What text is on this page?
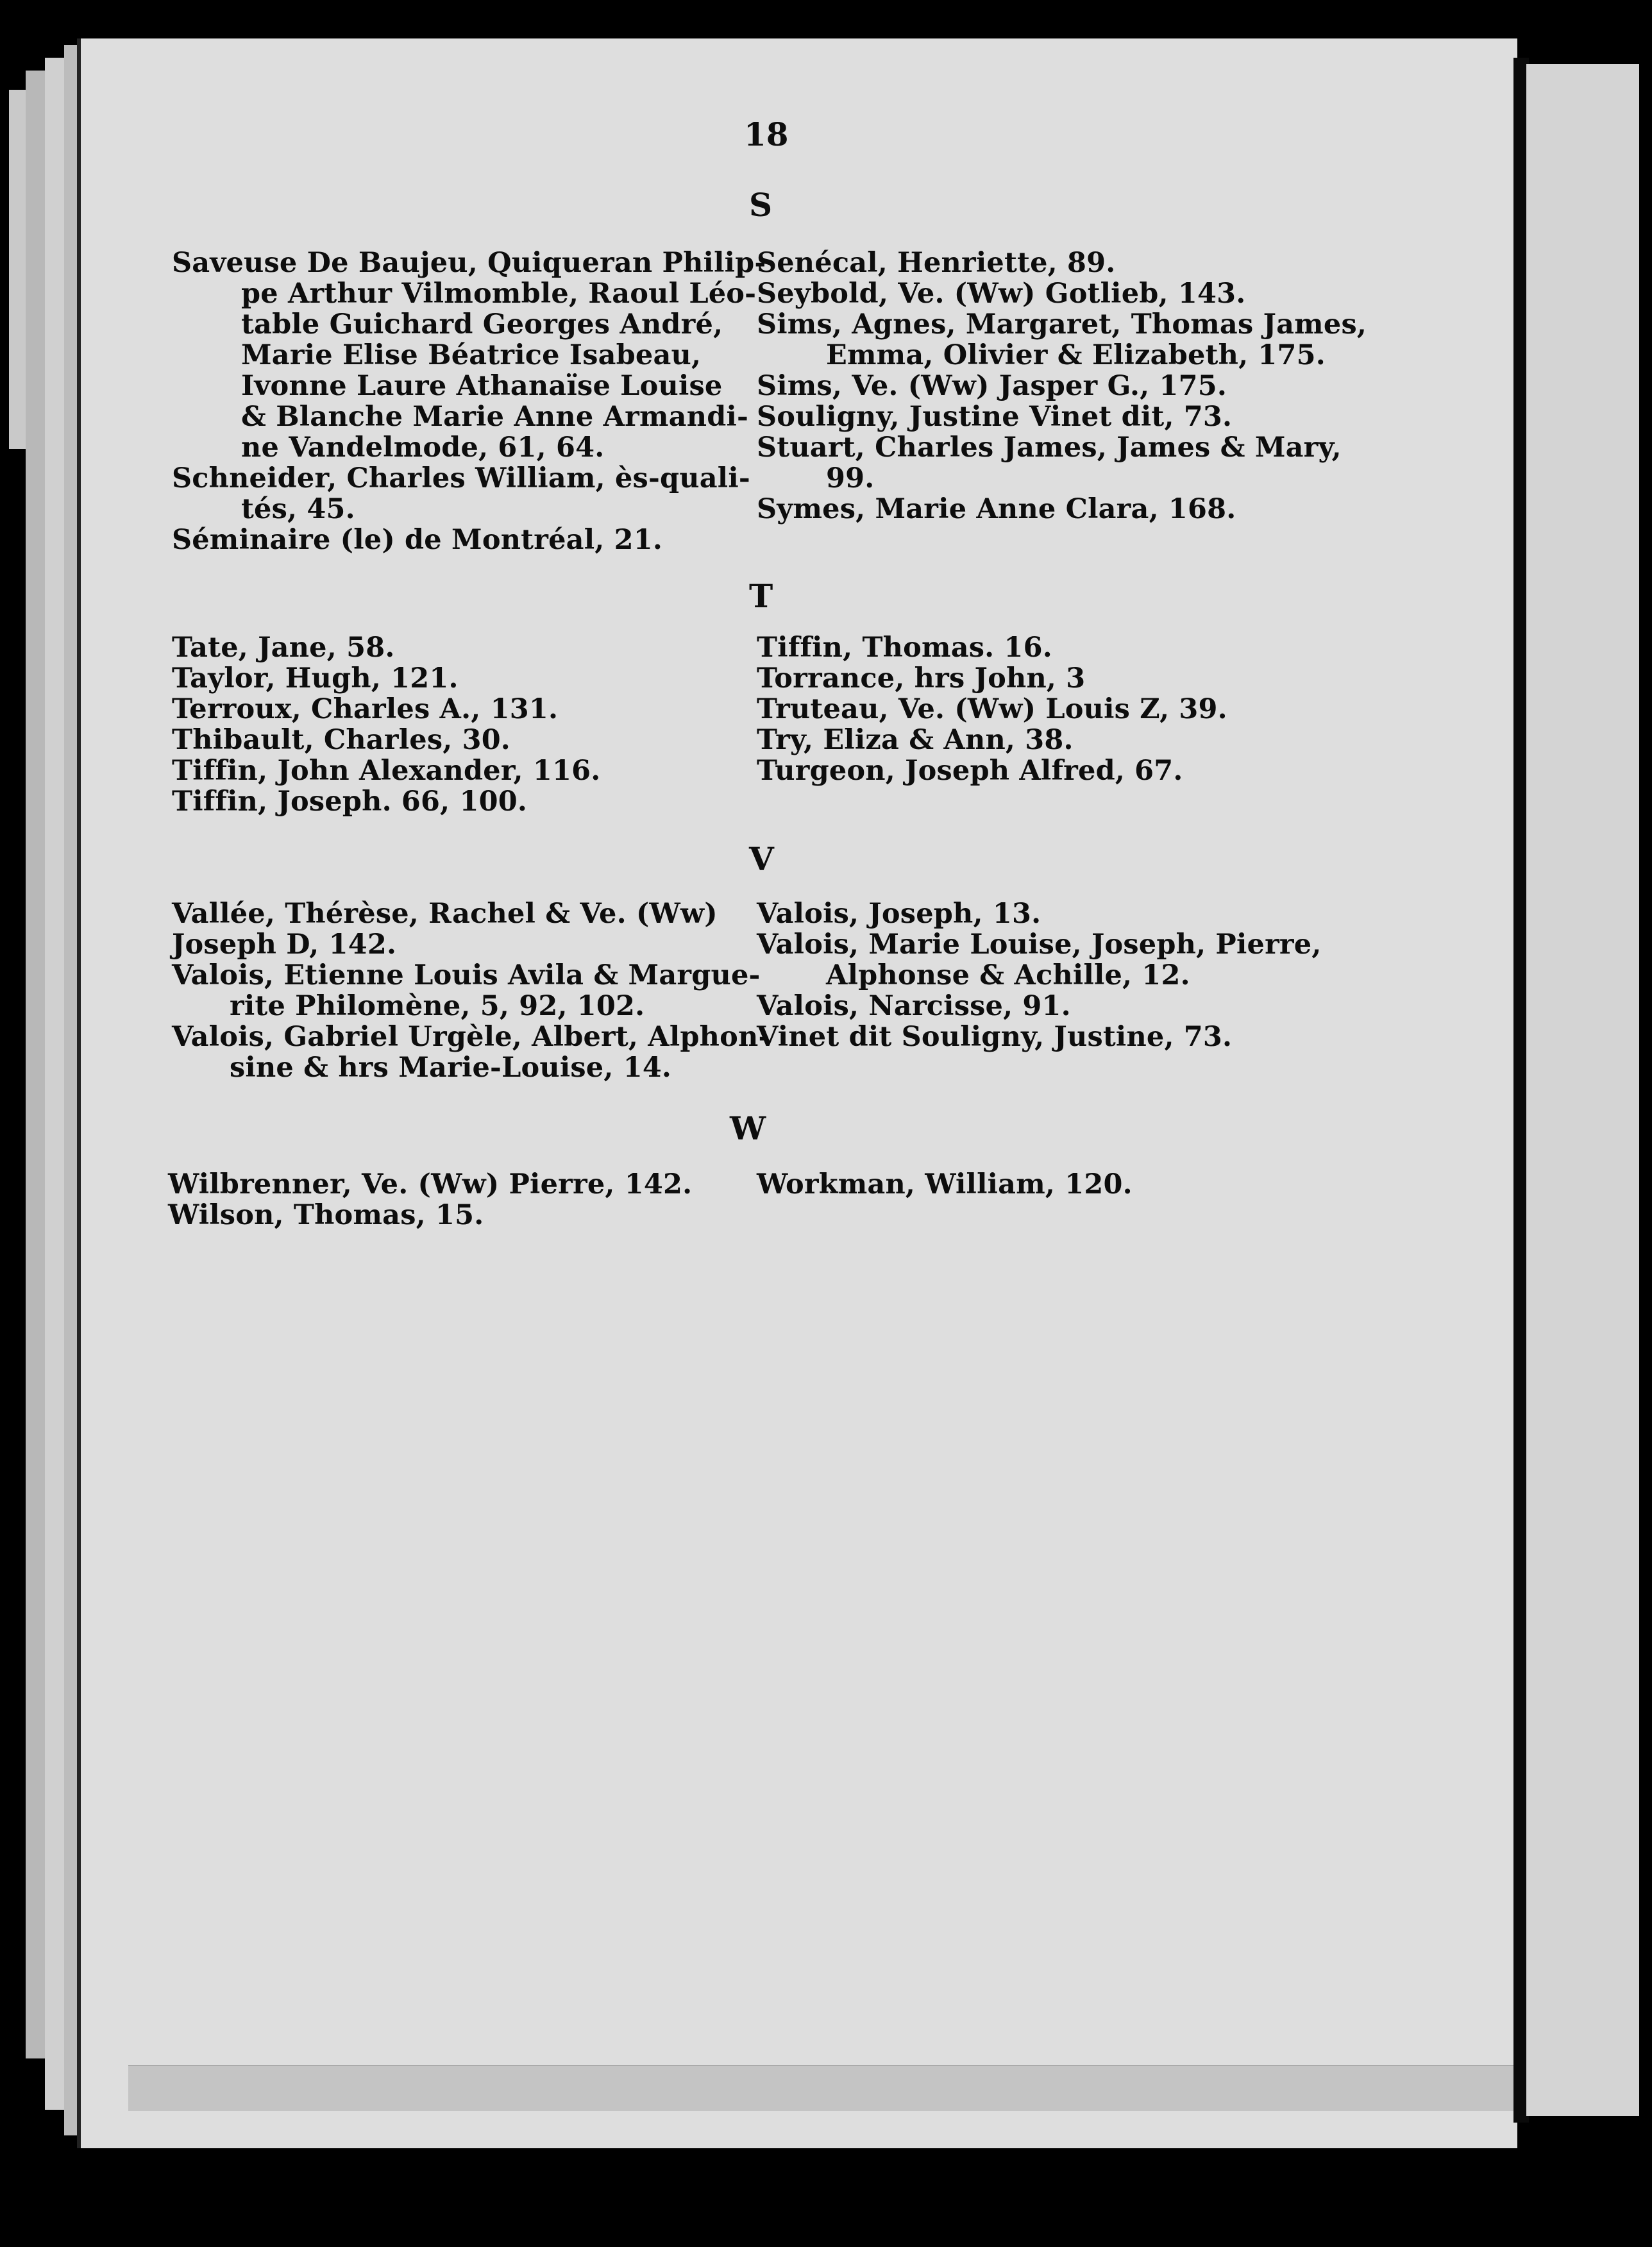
18
S
Saveuse De Baujeu, Quiqueran Philip-
pe Arthur Vilmomble, Raoul Léo-
table Guichard Georges André,
Marie Elise Béatrice Isabeau,
Ivonne Laure Athanaïse Louise
& Blanche Marie Anne Armandi-
ne Vandelmode, 61, 64.
Schneider, Charles William, ès-quali-
tés, 45.
Séminaire (le) de Montréal, 21.
Senécal, Henriette, 89.
Seybold, Ve. (Ww) Gotlieb, 143.
Sims, Agnes, Margaret, Thomas James,
Emma, Olivier & Elizabeth, 175.
Sims, Ve. (Ww) Jasper G., 175.
Souligny, Justine Vinet dit, 73.
Stuart, Charles James, James & Mary,
99.
Symes, Marie Anne Clara, 168.
T
Tate, Jane, 58.
Taylor, Hugh, 121.
Terroux, Charles A., 131.
Thibault, Charles, 30.
Tiffin, John Alexander, 116.
Tiffin, Joseph. 66, 100.
Tiffin, Thomas. 16.
Torrance, hrs John, 3
Truteau, Ve. (Ww) Louis Z, 39.
Try, Eliza & Ann, 38.
Turgeon, Joseph Alfred, 67.
V
Vallée, Thérèse, Rachel & Ve. (Ww)
Joseph D, 142.
Valois, Etienne Louis Avila & Margue-
rite Philomène, 5, 92, 102.
Valois, Gabriel Urgèle, Albert, Alphon-
sine & hrs Marie-Louise, 14.
Valois, Joseph, 13.
Valois, Marie Louise, Joseph, Pierre,
Alphonse & Achille, 12.
Valois, Narcisse, 91.
Vinet dit Souligny, Justine, 73.
W
Wilbrenner, Ve. (Ww) Pierre, 142.
Wilson, Thomas, 15.
Workman, William, 120.
